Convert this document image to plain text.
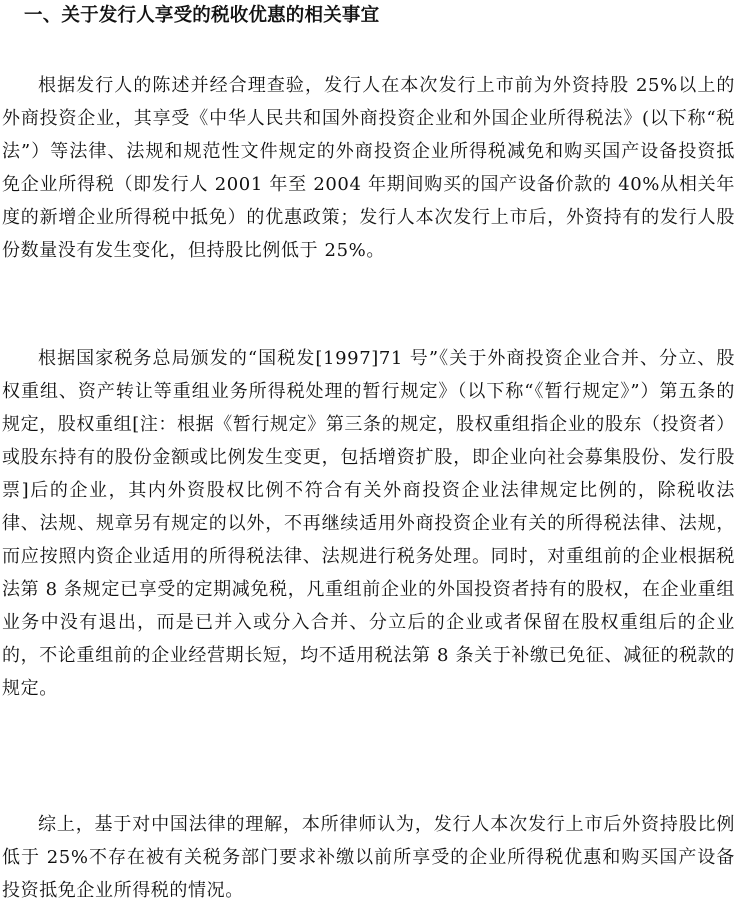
一、关于发行人享受的税收优惠的相关事宜

根据发行人的陈述并经合理查验，发行人在本次发行上市前为外资持股 25%以上的外商投资企业，其享受《中华人民共和国外商投资企业和外国企业所得税法》(以下称“税法”）等法律、法规和规范性文件规定的外商投资企业所得税减免和购买国产设备投资抵免企业所得税（即发行人 2001 年至 2004 年期间购买的国产设备价款的 40%从相关年度的新增企业所得税中抵免）的优惠政策；发行人本次发行上市后，外资持有的发行人股份数量没有发生变化，但持股比例低于 25%。

根据国家税务总局颁发的“国税发[1997]71 号”《关于外商投资企业合并、分立、股权重组、资产转让等重组业务所得税处理的暂行规定》（以下称“《暂行规定》”）第五条的规定，股权重组[注：根据《暂行规定》第三条的规定，股权重组指企业的股东（投资者）或股东持有的股份金额或比例发生变更，包括增资扩股，即企业向社会募集股份、发行股票]后的企业，其内外资股权比例不符合有关外商投资企业法律规定比例的，除税收法律、法规、规章另有规定的以外，不再继续适用外商投资企业有关的所得税法律、法规，而应按照内资企业适用的所得税法律、法规进行税务处理。同时，对重组前的企业根据税法第 8 条规定已享受的定期减免税，凡重组前企业的外国投资者持有的股权，在企业重组业务中没有退出，而是已并入或分入合并、分立后的企业或者保留在股权重组后的企业的，不论重组前的企业经营期长短，均不适用税法第 8 条关于补缴已免征、减征的税款的规定。

综上，基于对中国法律的理解，本所律师认为，发行人本次发行上市后外资持股比例低于 25%不存在被有关税务部门要求补缴以前所享受的企业所得税优惠和购买国产设备投资抵免企业所得税的情况。
